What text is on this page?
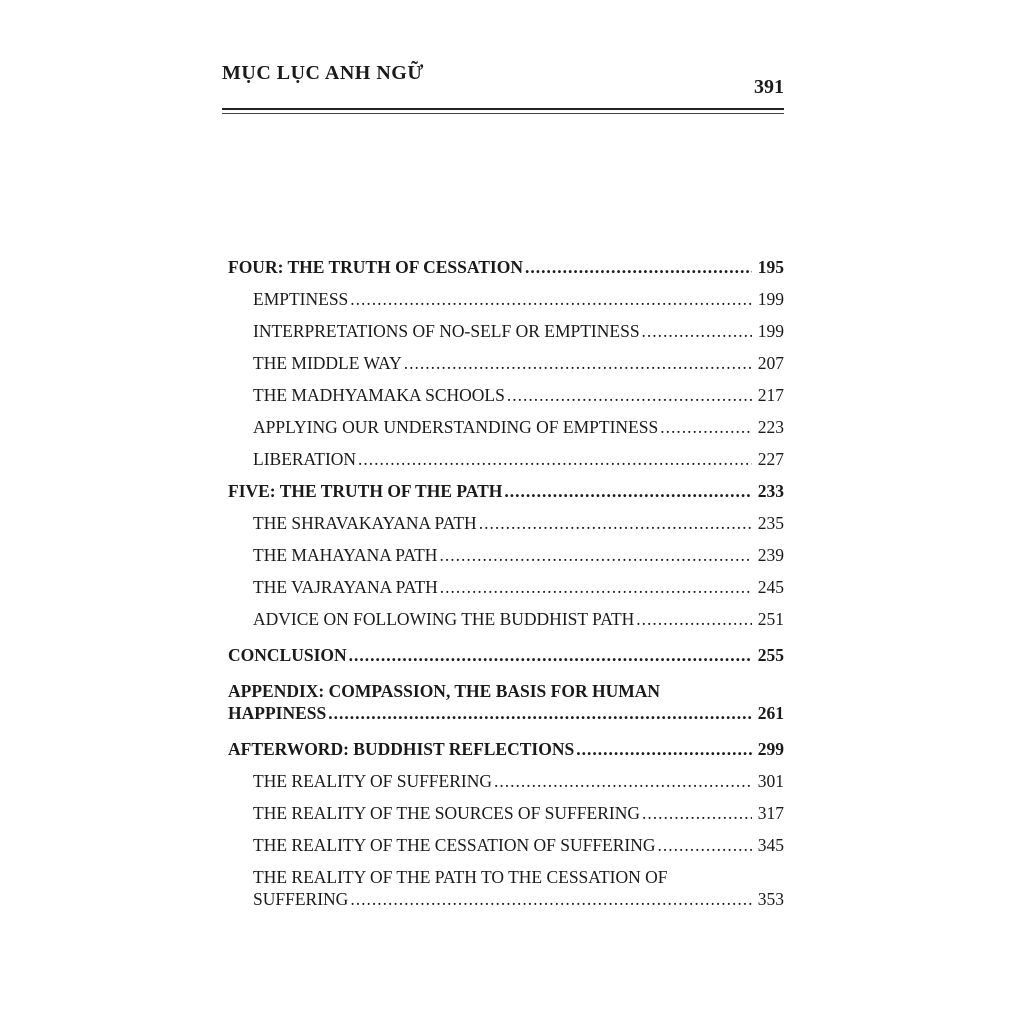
MỤC LỤC ANH NGỮ
391
FOUR: THE TRUTH OF CESSATION .....	195
EMPTINESS .....	199
INTERPRETATIONS OF NO-SELF OR EMPTINESS .....	199
THE MIDDLE WAY .....	207
THE MADHYAMAKA SCHOOLS .....	217
APPLYING OUR UNDERSTANDING OF EMPTINESS .....	223
LIBERATION .....	227
FIVE: THE TRUTH OF THE PATH .....	233
THE SHRAVAKAYANA PATH .....	235
THE MAHAYANA PATH .....	239
THE VAJRAYANA PATH .....	245
ADVICE ON FOLLOWING THE BUDDHIST PATH .....	251
CONCLUSION .....	255
APPENDIX: COMPASSION, THE BASIS FOR HUMAN
HAPPINESS .....	261
AFTERWORD: BUDDHIST REFLECTIONS .....	299
THE REALITY OF SUFFERING .....	301
THE REALITY OF THE SOURCES OF SUFFERING .....	317
THE REALITY OF THE CESSATION OF SUFFERING .....	345
THE REALITY OF THE PATH TO THE CESSATION OF
SUFFERING .....	353
